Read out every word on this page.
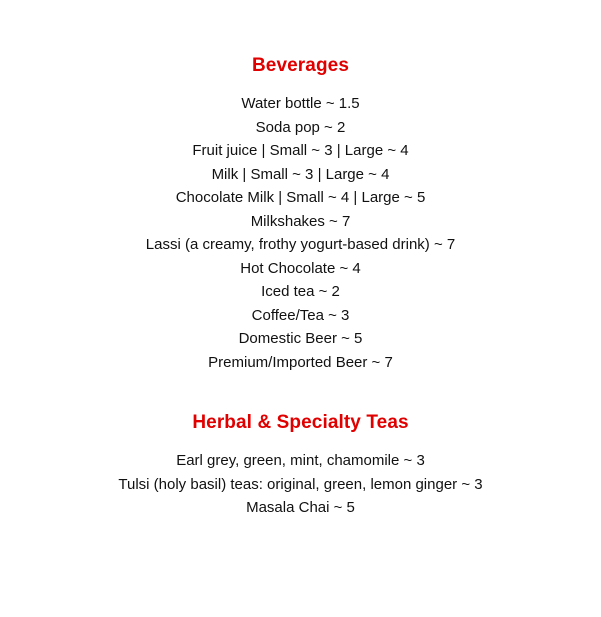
Beverages
Water bottle ~ 1.5
Soda pop ~ 2
Fruit juice | Small ~ 3 | Large ~ 4
Milk | Small ~ 3 | Large ~ 4
Chocolate Milk | Small ~ 4 | Large ~ 5
Milkshakes ~ 7
Lassi (a creamy, frothy yogurt-based drink) ~ 7
Hot Chocolate ~ 4
Iced tea ~ 2
Coffee/Tea ~ 3
Domestic Beer ~ 5
Premium/Imported Beer ~ 7
Herbal & Specialty Teas
Earl grey, green, mint, chamomile ~ 3
Tulsi (holy basil) teas: original, green, lemon ginger ~ 3
Masala Chai ~ 5
